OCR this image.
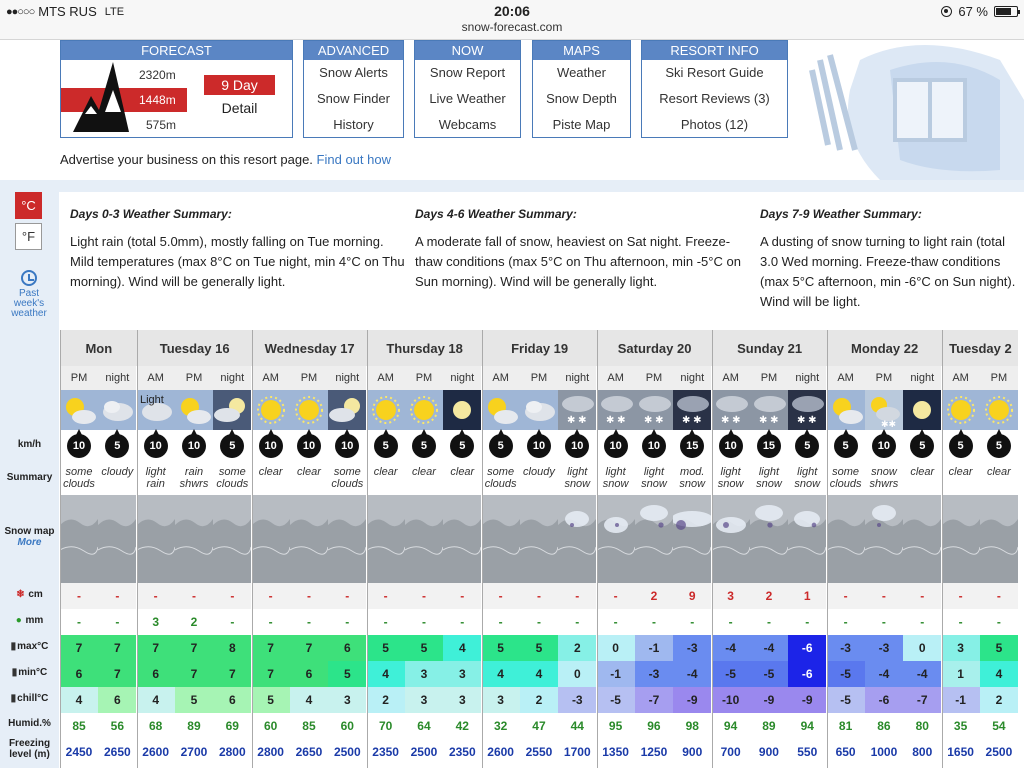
●●○○○ MTS RUS LTE	20:06
snow-forecast.com
67 %
FORECAST
2320m
1448m
575m
9 Day
Detail
ADVANCED
Snow Alerts
Snow Finder
History
NOW
Snow Report
Live Weather
Webcams
MAPS
Weather
Snow Depth
Piste Map
RESORT INFO
Ski Resort Guide
Resort Reviews (3)
Photos (12)
Advertise your business on this resort page. Find out how
°C
°F
Past week's weather
km/h
Summary
Snow map
More
❄ cm
● mm
▮max°C
▮min°C
▮chill°C
Humid.%
Freezing level (m)
Days 0-3 Weather Summary:

Light rain (total 5.0mm), mostly falling on Tue morning. Mild temperatures (max 8°C on Tue night, min 4°C on Thu morning). Wind will be generally light.

Days 4-6 Weather Summary:

A moderate fall of snow, heaviest on Sat night. Freeze-thaw conditions (max 5°C on Thu afternoon, min -5°C on Sun morning). Wind will be generally light.

Days 7-9 Weather Summary:

A dusting of snow turning to light rain (total 3.0 Wed morning. Freeze-thaw conditions (max 5°C afternoon, min -6°C on Sun night). Wind will be light.

Mon
PM
10
some clouds
-
-
7
6
4
85
2450
night
5
cloudy
-
-
7
7
6
56
2650
Tuesday 16
AM
Light
10
light rain
-
3
7
6
4
68
2600
PM
10
rain shwrs
-
2
7
7
5
89
2700
night
5
some clouds
-
-
8
7
6
69
2800
Wednesday 17
AM
10
clear
-
-
7
7
5
60
2800
PM
10
clear
-
-
7
6
4
85
2650
night
10
some clouds
-
-
6
5
3
60
2500
Thursday 18
AM
5
clear
-
-
5
4
2
70
2350
PM
5
clear
-
-
5
3
3
64
2500
night
5
clear
-
-
4
3
3
42
2350
Friday 19
AM
5
some clouds
-
-
5
4
3
32
2600
PM
10
cloudy
-
-
5
4
2
47
2550
night
✱ ✱
10
light snow
-
-
2
0
-3
44
1700
Saturday 20
AM
✱ ✱
10
light snow
-
-
0
-1
-5
95
1350
PM
✱ ✱
10
light snow
2
-
-1
-3
-7
96
1250
night
✱ ✱
15
mod. snow
9
-
-3
-4
-9
98
900
Sunday 21
AM
✱ ✱
10
light snow
3
-
-4
-5
-10
94
700
PM
✱ ✱
15
light snow
2
-
-4
-5
-9
89
900
night
✱ ✱
5
light snow
1
-
-6
-6
-9
94
550
Monday 22
AM
5
some clouds
-
-
-3
-5
-5
81
650
PM
✱✱
10
snow shwrs
-
-
-3
-4
-6
86
1000
night
5
clear
-
-
0
-4
-7
80
800
Tuesday 2
AM
5
clear
-
-
3
1
-1
35
1650
PM
5
clear
-
-
5
4
2
54
2500
